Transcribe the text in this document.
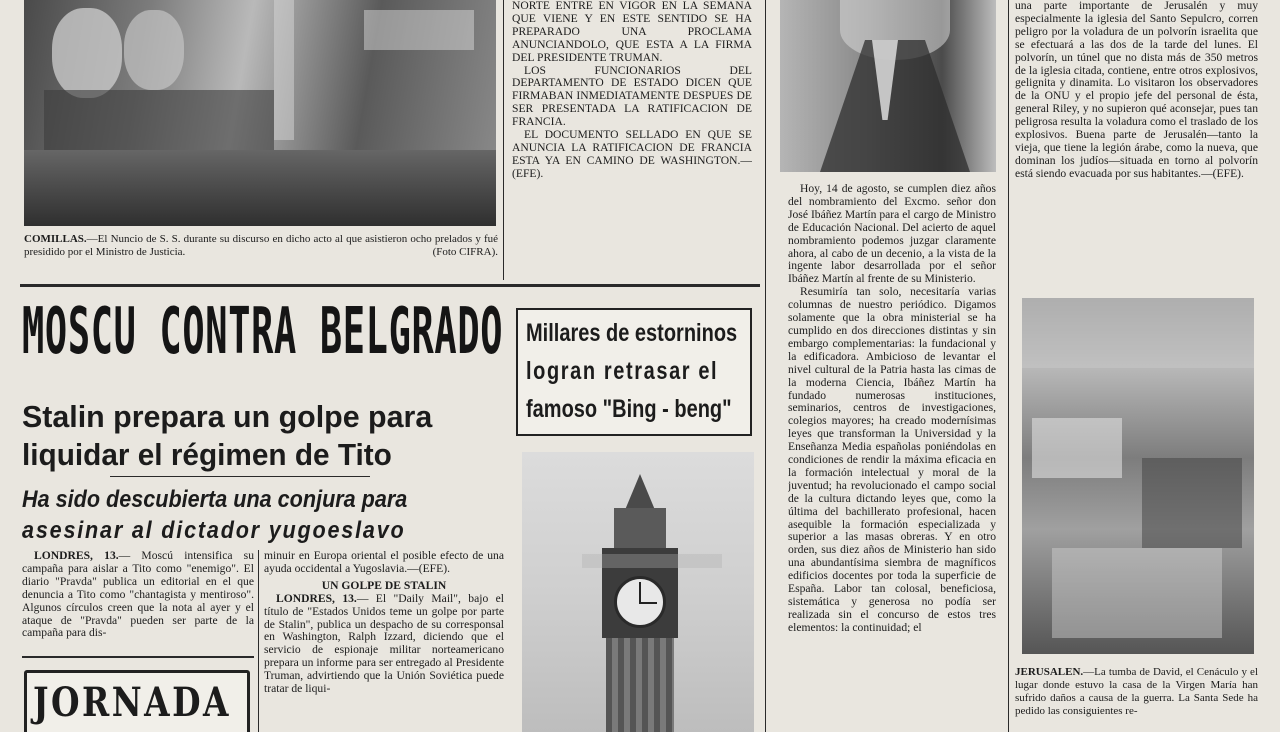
COMILLAS.—El Nuncio de S. S. durante su discurso en dicho acto al que asistieron ocho prelados y fué presidido por el Ministro de Justicia.	(Foto CIFRA).

NORTE ENTRE EN VIGOR EN LA SEMANA QUE VIENE Y EN ESTE SENTIDO SE HA PREPARADO UNA PROCLAMA ANUNCIANDOLO, QUE ESTA A LA FIRMA DEL PRESIDENTE TRUMAN.

LOS FUNCIONARIOS DEL DEPARTAMENTO DE ESTADO DICEN QUE FIRMABAN INMEDIATAMENTE DESPUES DE SER PRESENTADA LA RATIFICACION DE FRANCIA.

EL DOCUMENTO SELLADO EN QUE SE ANUNCIA LA RATIFICACION DE FRANCIA ESTA YA EN CAMINO DE WASHINGTON.—(EFE).

Hoy, 14 de agosto, se cumplen diez años del nombramiento del Excmo. señor don José Ibáñez Martín para el cargo de Ministro de Educación Nacional. Del acierto de aquel nombramiento podemos juzgar claramente ahora, al cabo de un decenio, a la vista de la ingente labor desarrollada por el señor Ibáñez Martín al frente de su Ministerio.

Resumiría tan solo, necesitaría varias columnas de nuestro periódico. Digamos solamente que la obra ministerial se ha cumplido en dos direcciones distintas y sin embargo complementarias: la fundacional y la edificadora. Ambicioso de levantar el nivel cultural de la Patria hasta las cimas de la moderna Ciencia, Ibáñez Martín ha fundado numerosas instituciones, seminarios, centros de investigaciones, colegios mayores; ha creado modernísimas leyes que transforman la Universidad y la Enseñanza Media españolas poniéndolas en condiciones de rendir la máxima eficacia en la formación intelectual y moral de la juventud; ha revolucionado el campo social de la cultura dictando leyes que, como la última del bachillerato profesional, hacen asequible la formación especializada y superior a las masas obreras. Y en otro orden, sus diez años de Ministerio han sido una abundantísima siembra de magníficos edificios docentes por toda la superficie de España. Labor tan colosal, beneficiosa, sistemática y generosa no podía ser realizada sin el concurso de estos tres elementos: la continuidad; el

una parte importante de Jerusalén y muy especialmente la iglesia del Santo Sepulcro, corren peligro por la voladura de un polvorín israelita que se efectuará a las dos de la tarde del lunes. El polvorín, un túnel que no dista más de 350 metros de la iglesia citada, contiene, entre otros explosivos, gelignita y dinamita. Lo visitaron los observadores de la ONU y el propio jefe del personal de ésta, general Riley, y no supieron qué aconsejar, pues tan peligrosa resulta la voladura como el traslado de los explosivos. Buena parte de Jerusalén—tanto la vieja, que tiene la legión árabe, como la nueva, que dominan los judíos—situada en torno al polvorín está siendo evacuada por sus habitantes.—(EFE).

JERUSALEN.—La tumba de David, el Cenáculo y el lugar donde estuvo la casa de la Virgen María han sufrido daños a causa de la guerra. La Santa Sede ha pedido las consiguientes re-
MOSCU CONTRA BELGRADO
Stalin prepara un golpe para
liquidar el régimen de Tito
Ha sido descubierta una conjura para
asesinar al dictador yugoeslavo

LONDRES, 13.— Moscú intensifica su campaña para aislar a Tito como "enemigo". El diario "Pravda" publica un editorial en el que denuncia a Tito como "chantagista y mentiroso". Algunos círculos creen que la nota al ayer y el ataque de "Pravda" pueden ser parte de la campaña para dis-

minuir en Europa oriental el posible efecto de una ayuda occidental a Yugoslavia.—(EFE).

UN GOLPE DE STALIN

LONDRES, 13.— El "Daily Mail", bajo el título de "Estados Unidos teme un golpe por parte de Stalin", publica un despacho de su corresponsal en Washington, Ralph Izzard, diciendo que el servicio de espionaje militar norteamericano prepara un informe para ser entregado al Presidente Truman, advirtiendo que la Unión Soviética puede tratar de liqui-

JORNADA
Millares de estorninos
logran retrasar el
famoso "Bing - beng"
